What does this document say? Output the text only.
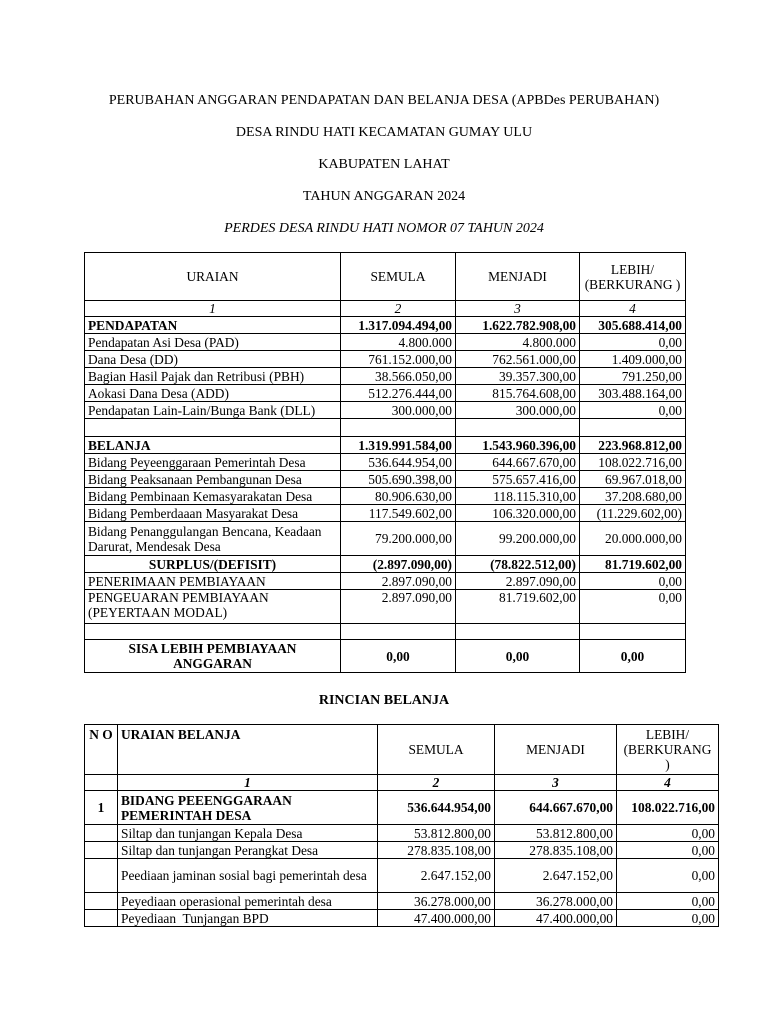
PERUBAHAN ANGGARAN PENDAPATAN DAN BELANJA DESA (APBDes PERUBAHAN)
DESA RINDU HATI KECAMATAN GUMAY ULU
KABUPATEN LAHAT
TAHUN ANGGARAN 2024
PERDES DESA RINDU HATI NOMOR 07 TAHUN 2024
URAIAN	SEMULA	MENJADI	LEBIH/ (BERKURANG )
1	2	3	4
PENDAPATAN	1.317.094.494,00	1.622.782.908,00	305.688.414,00
Pendapatan Asi Desa (PAD)	4.800.000	4.800.000	0,00
Dana Desa (DD)	761.152.000,00	762.561.000,00	1.409.000,00
Bagian Hasil Pajak dan Retribusi (PBH)	38.566.050,00	39.357.300,00	791.250,00
Aokasi Dana Desa (ADD)	512.276.444,00	815.764.608,00	303.488.164,00
Pendapatan Lain-Lain/Bunga Bank (DLL)	300.000,00	300.000,00	0,00

BELANJA	1.319.991.584,00	1.543.960.396,00	223.968.812,00
Bidang Peyeenggaraan Pemerintah Desa	536.644.954,00	644.667.670,00	108.022.716,00
Bidang Peaksanaan Pembangunan Desa	505.690.398,00	575.657.416,00	69.967.018,00
Bidang Pembinaan Kemasyarakatan Desa	80.906.630,00	118.115.310,00	37.208.680,00
Bidang Pemberdaaan Masyarakat Desa	117.549.602,00	106.320.000,00	(11.229.602,00)
Bidang Penanggulangan Bencana, Keadaan Darurat, Mendesak Desa	79.200.000,00	99.200.000,00	20.000.000,00
SURPLUS/(DEFISIT)	(2.897.090,00)	(78.822.512,00)	81.719.602,00
PENERIMAAN PEMBIAYAAN	2.897.090,00	2.897.090,00	0,00
PENGEUARAN PEMBIAYAAN (PEYERTAAN MODAL)	2.897.090,00	81.719.602,00	0,00

SISA LEBIH PEMBIAYAAN ANGGARAN	0,00	0,00	0,00
RINCIAN BELANJA
N O	URAIAN BELANJA	SEMULA	MENJADI	LEBIH/ (BERKURANG )
	1	2	3	4
1	BIDANG PEEENGGARAAN PEMERINTAH DESA	536.644.954,00	644.667.670,00	108.022.716,00
	Siltap dan tunjangan Kepala Desa	53.812.800,00	53.812.800,00	0,00
	Siltap dan tunjangan Perangkat Desa	278.835.108,00	278.835.108,00	0,00
	Peediaan jaminan sosial bagi pemerintah desa	2.647.152,00	2.647.152,00	0,00
	Peyediaan operasional pemerintah desa	36.278.000,00	36.278.000,00	0,00
	Peyediaan  Tunjangan BPD	47.400.000,00	47.400.000,00	0,00
